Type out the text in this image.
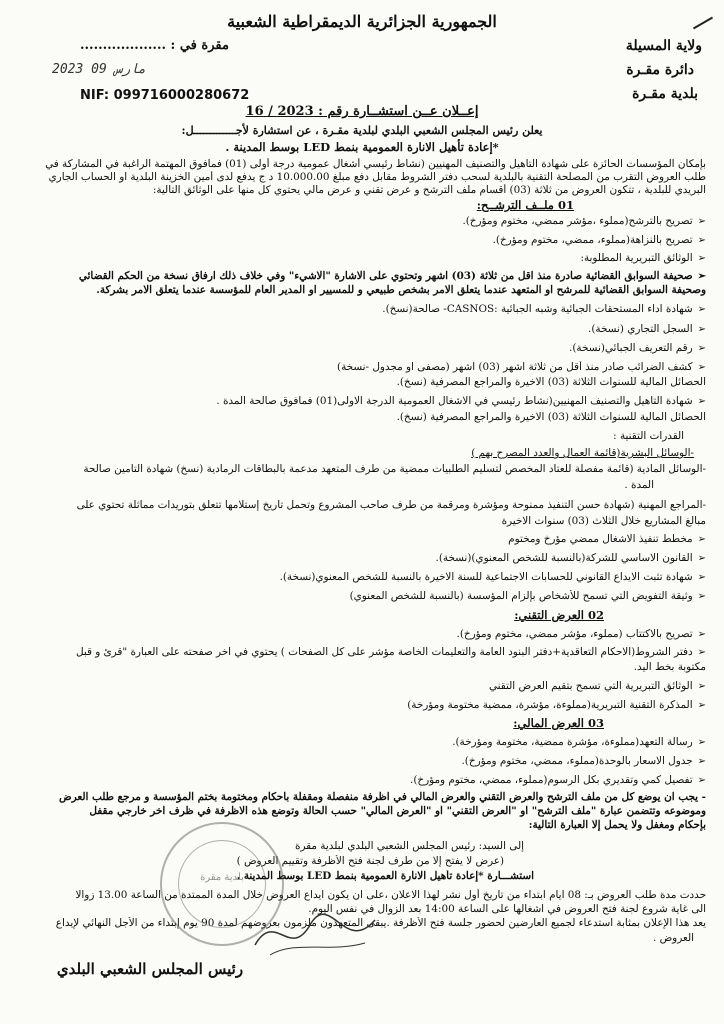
الجمهورية الجزائرية الديمقراطية الشعبية
ولاية المسيلة
دائرة مقـرة
بلدية مقـرة
مقرة في : ...................
2023 مارس 09
NIF: 099716000280672
إعــلان عــن استشــارة رقم : 2023 / 16
يعلن رئيس المجلس الشعبي البلدي لبلدية مقـرة ، عن استشارة لأجـــــــــــــل:
*إعادة تأهيل الانارة العمومية بنمط LED بوسط المدينة .
بإمكان المؤسسات الحائزة على شهادة التأهيل والتصنيف المهنيين (نشاط رئيسي أشغال عمومية درجة أولى (01) فمافوق المهتمة الراغبة في المشاركة في
طلب العروض التقرب من المصلحة التقنية بالبلدية لسحب دفتر الشروط مقابل دفع مبلغ 10.000.00 د ج يدفع لدى أمين الخزينة البلدية او الحساب الجاري
البريدي للبلدية ، تتكون العروض من ثلاثة (03) أقسام ملف الترشح و عرض تقني و عرض مالي يحتوي كل منها على الوثائق التالية:
01 ملــف الترشــح:
➢ تصريح بالترشح(مملوء ،مؤشر ممضي، مختوم ومؤرخ).
➢ تصريح بالنزاهة(مملوء، ممضي، مختوم ومؤرخ).
➢ الوثائق التبريرية المطلوبة:
➢ صحيفة السوابق القضائية صادرة منذ اقل من ثلاثة (03) اشهر وتحتوي على الاشارة "الاشيء" وفي خلاف ذلك ارفاق نسخة من الحكم القضائي
وصحيفة السوابق القضائية للمرشح او المتعهد عندما يتعلق الامر بشخص طبيعي و للمسيير او المدير العام للمؤسسة عندما يتعلق الامر بشركة.
➢ شهادة اداء المستحقات الجبائية وشبه الجبائية :CASNOS- صالحة(نسخ).
➢ السجل التجاري (نسخة).
➢ رقم التعريف الجبائي(نسخة).
➢ كشف الضرائب صادر منذ أقل من ثلاثة اشهر (03) اشهر (مصفى او مجدول -نسخة)
الحصائل المالية للسنوات الثلاثة (03) الاخيرة والمراجع المصرفية (نسخ).
➢ شهادة التأهيل والتصنيف المهنيين(نشاط رئيسي في الاشغال العمومية الدرجة الاولى(01) فمافوق صالحة المدة .
الحصائل المالية للسنوات الثلاثة (03) الاخيرة والمراجع المصرفية (نسخ).
القدرات التقنية :
-الوسائل البشرية(قائمة العمال والعدد المصرح بهم )
-الوسائل المادية (قائمة مفصلة للعتاد المخصص لتسليم الطلبيات ممضية من طرف المتعهد مدعمة بالبطاقات الرمادية (نسخ) شهادة التأمين صالحة
المدة .
-المراجع المهنية (شهادة حسن التنفيذ ممنوحة ومؤشرة ومرقمة من طرف صاحب المشروع وتحمل تاريخ إستلامها تتعلق بتوريدات مماثلة تحتوي على
مبالغ المشاريع خلال الثلاث (03) سنوات الاخيرة
➢ مخطط تنفيذ الاشغال ممضي مؤرخ ومختوم
➢ القانون الاساسي للشركة(بالنسبة للشخص المعنوي)(نسخة).
➢ شهادة تثبت الايداع القانوني للحسابات الاجتماعية للسنة الاخيرة بالنسبة للشخص المعنوي(نسخة).
➢ وثيقة التفويض التي تسمح للأشخاص بإلزام المؤسسة (بالنسبة للشخص المعنوي)
02 العرض التقني:
➢ تصريح بالاكتتاب (مملوء، مؤشر ممضي، مختوم ومؤرخ).
➢ دفتر الشروط(الاحكام التعاقدية+دفتر البنود العامة والتعليمات الخاصة مؤشر على كل الصفحات ) يحتوي في اخر صفحته على العبارة "قرئ و قبل
مكتوبة بخط اليد.
➢ الوثائق التبريرية التي تسمح بتقيم العرض التقني
➢ المذكرة التقنية التبريرية(مملوءة، مؤشرة، ممضية مختومة ومؤرخة)
03 العرض المالي:
➢ رسالة التعهد(مملوءة، مؤشرة ممضية، مختومة ومؤرخة).
➢ جدول الاسعار بالوحدة(مملوء، ممضي، مختوم ومؤرخ).
➢ تفصيل كمي وتقديري بكل الرسوم(مملوء، ممضي، مختوم ومؤرخ).
- يجب ان يوضع كل من ملف الترشح والعرض التقني والعرض المالي في اظرفة منفصلة ومقفلة باحكام ومختومة بختم المؤسسة و مرجع طلب العرض
وموضوعه وتتضمن عبارة "ملف الترشح" او "العرض التقني" او "العرض المالي" حسب الحالة وتوضع هذه الاظرفة في ظرف اخر خارجي مقفل
بإحكام ومغفل ولا يحمل إلا العبارة التالية:
إلى السيد: رئيس المجلس الشعبي البلدي لبلدية مقرة
(عرض لا يفتح إلا من طرف لجنة فتح الأظرفة وتقييم العروض )
استشـــارة *إعادة تأهيل الانارة العمومية بنمط LED بوسط المدينة .
حددت مدة طلب العروض بـ: 08 ايام ابتداء من تاريخ أول نشر لهذا الاعلان ،على ان يكون ايداع العروض خلال المدة الممتدة من الساعة 13.00 زوالا
الى غاية شروع لجنة فتح العروض في اشغالها على الساعة 14:00 بعد الزوال في نفس اليوم.
يعد هذا الإعلان بمثابة استدعاء لجميع العارضين لحضور جلسة فتح الأظرفة .يبقى المتعهدون ملزمون بعروضهم لمدة 90 يوم إبتداء من الأجل النهائي لإيداع
العروض .
بلدية مقرة
رئيس المجلس الشعبي البلدي
